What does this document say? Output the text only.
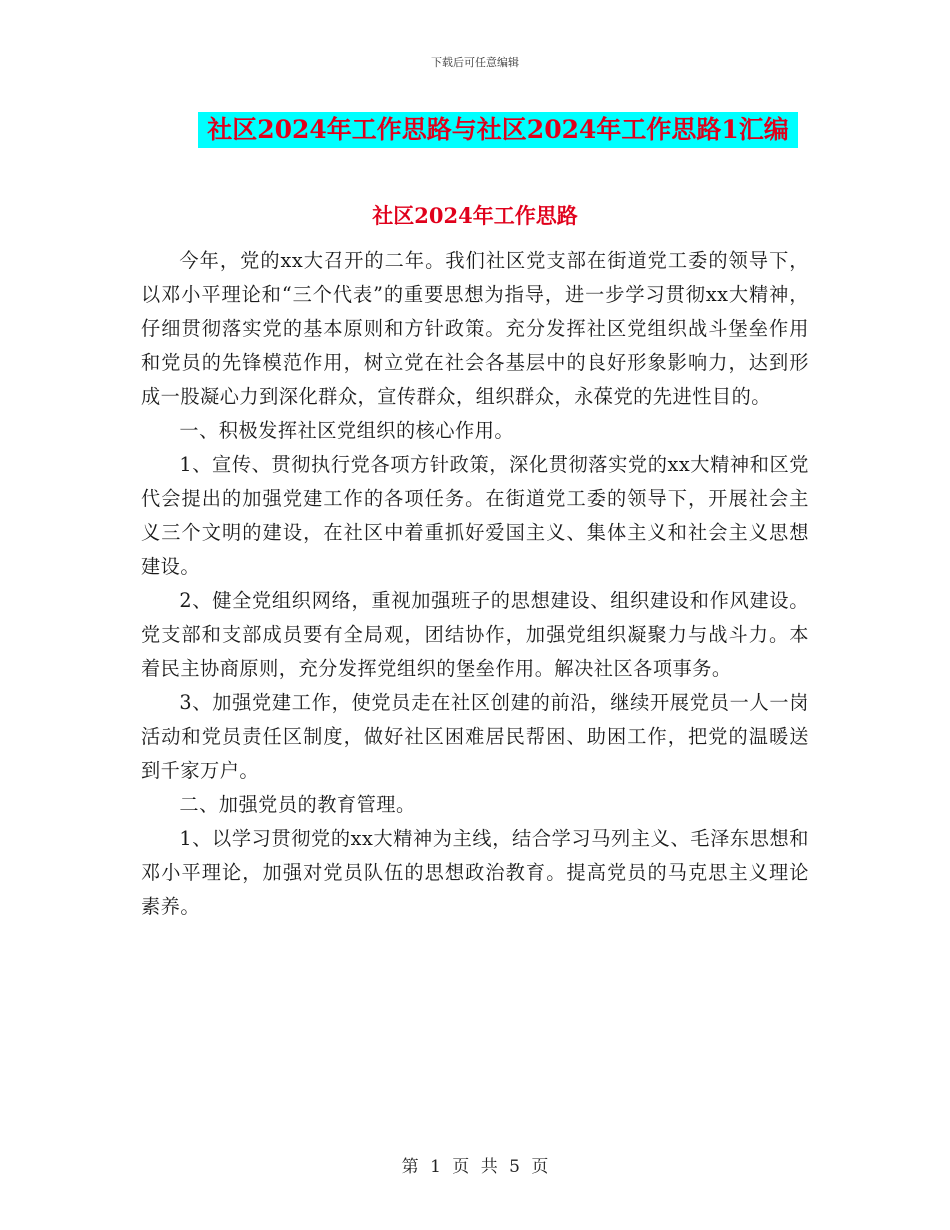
下载后可任意编辑
社区2024年工作思路与社区2024年工作思路1汇编
社区2024年工作思路

今年，党的xx大召开的二年。我们社区党支部在街道党工委的领导下，以邓小平理论和“三个代表”的重要思想为指导，进一步学习贯彻xx大精神，仔细贯彻落实党的基本原则和方针政策。充分发挥社区党组织战斗堡垒作用和党员的先锋模范作用，树立党在社会各基层中的良好形象影响力，达到形成一股凝心力到深化群众，宣传群众，组织群众，永葆党的先进性目的。

一、积极发挥社区党组织的核心作用。

1、宣传、贯彻执行党各项方针政策，深化贯彻落实党的xx大精神和区党代会提出的加强党建工作的各项任务。在街道党工委的领导下，开展社会主义三个文明的建设，在社区中着重抓好爱国主义、集体主义和社会主义思想建设。

2、健全党组织网络，重视加强班子的思想建设、组织建设和作风建设。党支部和支部成员要有全局观，团结协作，加强党组织凝聚力与战斗力。本着民主协商原则，充分发挥党组织的堡垒作用。解决社区各项事务。

3、加强党建工作，使党员走在社区创建的前沿，继续开展党员一人一岗活动和党员责任区制度，做好社区困难居民帮困、助困工作，把党的温暖送到千家万户。

二、加强党员的教育管理。

1、以学习贯彻党的xx大精神为主线，结合学习马列主义、毛泽东思想和邓小平理论，加强对党员队伍的思想政治教育。提高党员的马克思主义理论素养。

第 1 页 共 5 页
